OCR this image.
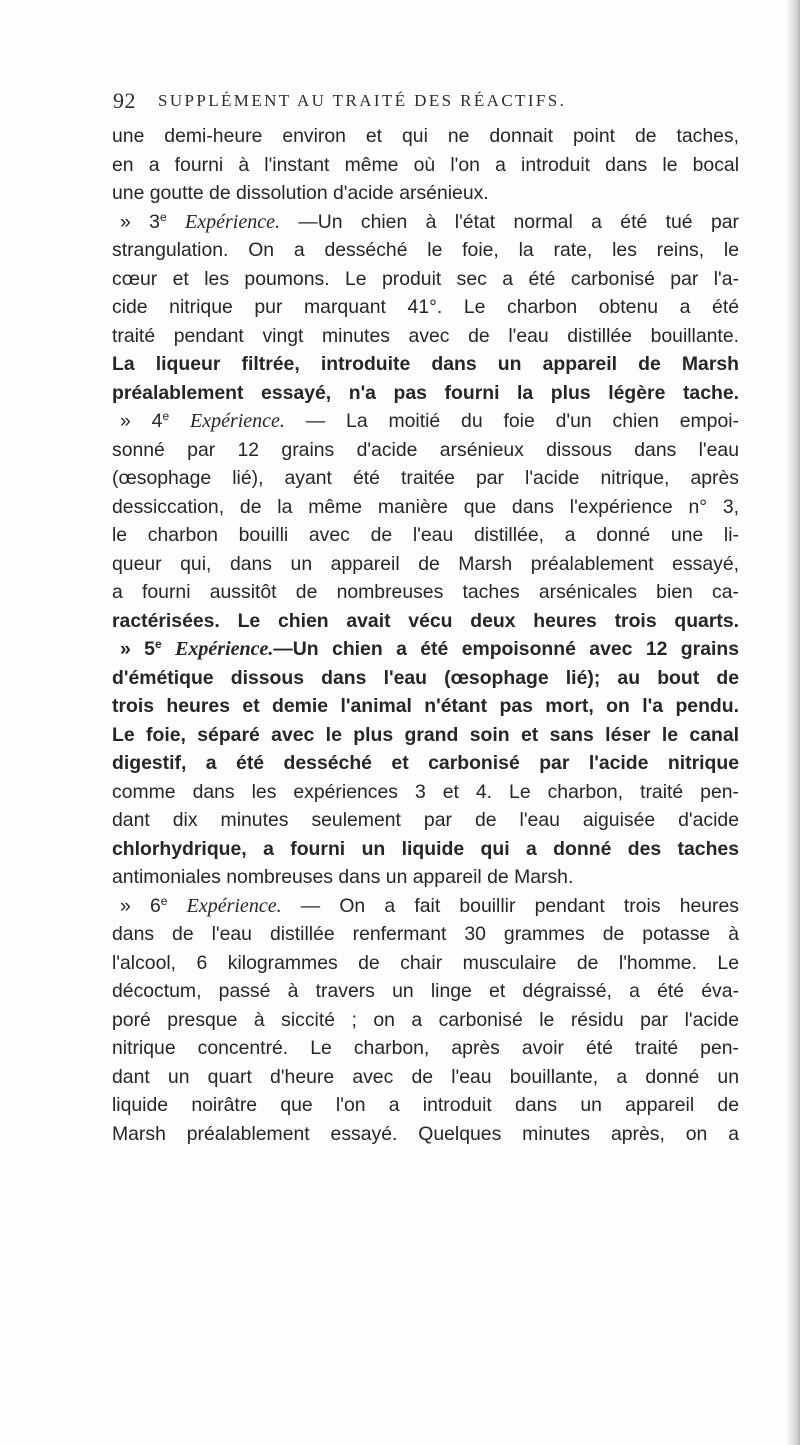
92 SUPPLÉMENT AU TRAITÉ DES RÉACTIFS.
une demi-heure environ et qui ne donnait point de taches,
en a fourni à l'instant même où l'on a introduit dans le bocal
une goutte de dissolution d'acide arsénieux.
» 3e Expérience. —Un chien à l'état normal a été tué par
strangulation. On a desséché le foie, la rate, les reins, le
cœur et les poumons. Le produit sec a été carbonisé par l'a-
cide nitrique pur marquant 41°. Le charbon obtenu a été
traité pendant vingt minutes avec de l'eau distillée bouillante.
La liqueur filtrée, introduite dans un appareil de Marsh
préalablement essayé, n'a pas fourni la plus légère tache.
» 4e Expérience. — La moitié du foie d'un chien empoi-
sonné par 12 grains d'acide arsénieux dissous dans l'eau
(œsophage lié), ayant été traitée par l'acide nitrique, après
dessiccation, de la même manière que dans l'expérience n° 3,
le charbon bouilli avec de l'eau distillée, a donné une li-
queur qui, dans un appareil de Marsh préalablement essayé,
a fourni aussitôt de nombreuses taches arsénicales bien ca-
ractérisées. Le chien avait vécu deux heures trois quarts.
» 5e Expérience.—Un chien a été empoisonné avec 12 grains
d'émétique dissous dans l'eau (œsophage lié); au bout de
trois heures et demie l'animal n'étant pas mort, on l'a pendu.
Le foie, séparé avec le plus grand soin et sans léser le canal
digestif, a été desséché et carbonisé par l'acide nitrique
comme dans les expériences 3 et 4. Le charbon, traité pen-
dant dix minutes seulement par de l'eau aiguisée d'acide
chlorhydrique, a fourni un liquide qui a donné des taches
antimoniales nombreuses dans un appareil de Marsh.
» 6e Expérience. — On a fait bouillir pendant trois heures
dans de l'eau distillée renfermant 30 grammes de potasse à
l'alcool, 6 kilogrammes de chair musculaire de l'homme. Le
décoctum, passé à travers un linge et dégraissé, a été éva-
poré presque à siccité ; on a carbonisé le résidu par l'acide
nitrique concentré. Le charbon, après avoir été traité pen-
dant un quart d'heure avec de l'eau bouillante, a donné un
liquide noirâtre que l'on a introduit dans un appareil de
Marsh préalablement essayé. Quelques minutes après, on a
